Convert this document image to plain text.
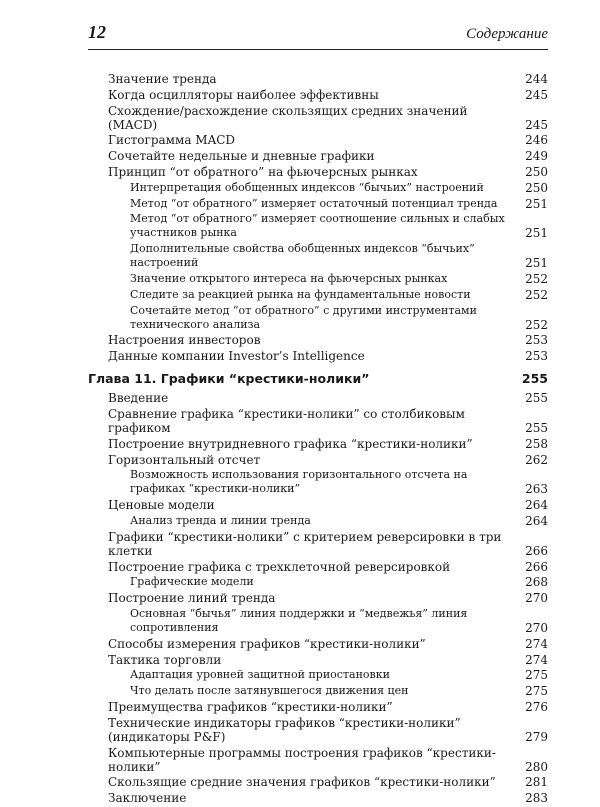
12	Содержание
Значение тренда	244
Когда осцилляторы наиболее эффективны	245
Схождение/расхождение скользящих средних значений (MACD)	245
Гистограмма MACD	246
Сочетайте недельные и дневные графики	249
Принцип “от обратного” на фьючерсных рынках	250
Интерпретация обобщенных индексов “бычьих” настроений	250
Метод “от обратного” измеряет остаточный потенциал тренда	251
Метод “от обратного” измеряет соотношение сильных и слабых участников рынка	251
Дополнительные свойства обобщенных индексов “бычьих” настроений	251
Значение открытого интереса на фьючерсных рынках	252
Следите за реакцией рынка на фундаментальные новости	252
Сочетайте метод “от обратного” с другими инструментами технического анализа	252
Настроения инвесторов	253
Данные компании Investor’s Intelligence	253
Глава 11. Графики “крестики-нолики”	255
Введение	255
Сравнение графика “крестики-нолики” со столбиковым графиком	255
Построение внутридневного графика “крестики-нолики”	258
Горизонтальный отсчет	262
Возможность использования горизонтального отсчета на графиках “крестики-нолики”	263
Ценовые модели	264
Анализ тренда и линии тренда	264
Графики “крестики-нолики” с критерием реверсировки в три клетки	266
Построение графика с трехклеточной реверсировкой	266
Графические модели	268
Построение линий тренда	270
Основная “бычья” линия поддержки и “медвежья” линия сопротивления	270
Способы измерения графиков “крестики-нолики”	274
Тактика торговли	274
Адаптация уровней защитной приостановки	275
Что делать после затянувшегося движения цен	275
Преимущества графиков “крестики-нолики”	276
Технические индикаторы графиков “крестики-нолики” (индикаторы P&F)	279
Компьютерные программы построения графиков “крестики-нолики”	280
Скользящие средние значения графиков “крестики-нолики”	281
Заключение	283
